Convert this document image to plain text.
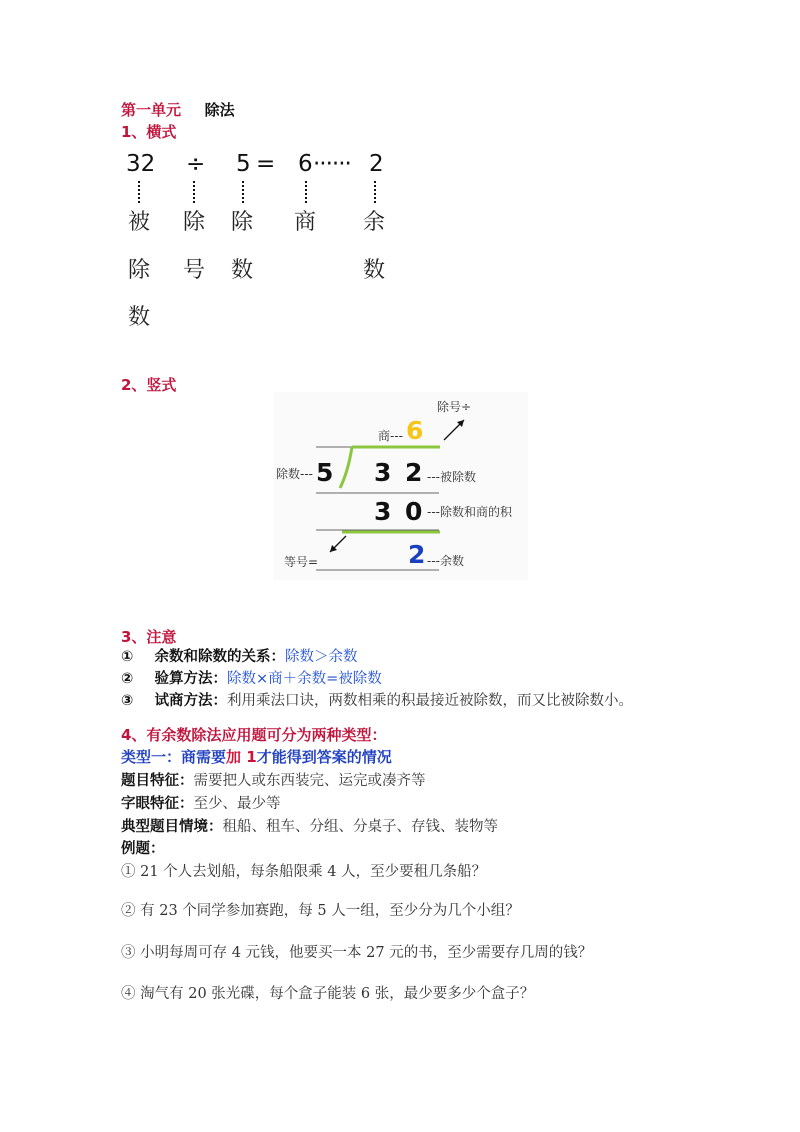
第一单元 除法
1、横式
32 ÷ 5 = 6 ······ 2
被
除
数
除
号
除
数
商 余
数
2、竖式
除号÷
商--- 6
除数--- 5 3 2 ---被除数
3 0 ---除数和商的积
等号=	2 ---余数
3、注意
① 余数和除数的关系：除数＞余数
② 验算方法：除数×商＋余数=被除数
③ 试商方法：利用乘法口诀，两数相乘的积最接近被除数，而又比被除数小。
4、有余数除法应用题可分为两种类型：
类型一：商需要加 1才能得到答案的情况
题目特征：需要把人或东西装完、运完或凑齐等
字眼特征：至少、最少等
典型题目情境：租船、租车、分组、分桌子、存钱、装物等
例题：
① 21 个人去划船，每条船限乘 4 人，至少要租几条船？
② 有 23 个同学参加赛跑，每 5 人一组，至少分为几个小组？
③ 小明每周可存 4 元钱，他要买一本 27 元的书，至少需要存几周的钱？
④ 淘气有 20 张光碟，每个盒子能装 6 张，最少要多少个盒子？
